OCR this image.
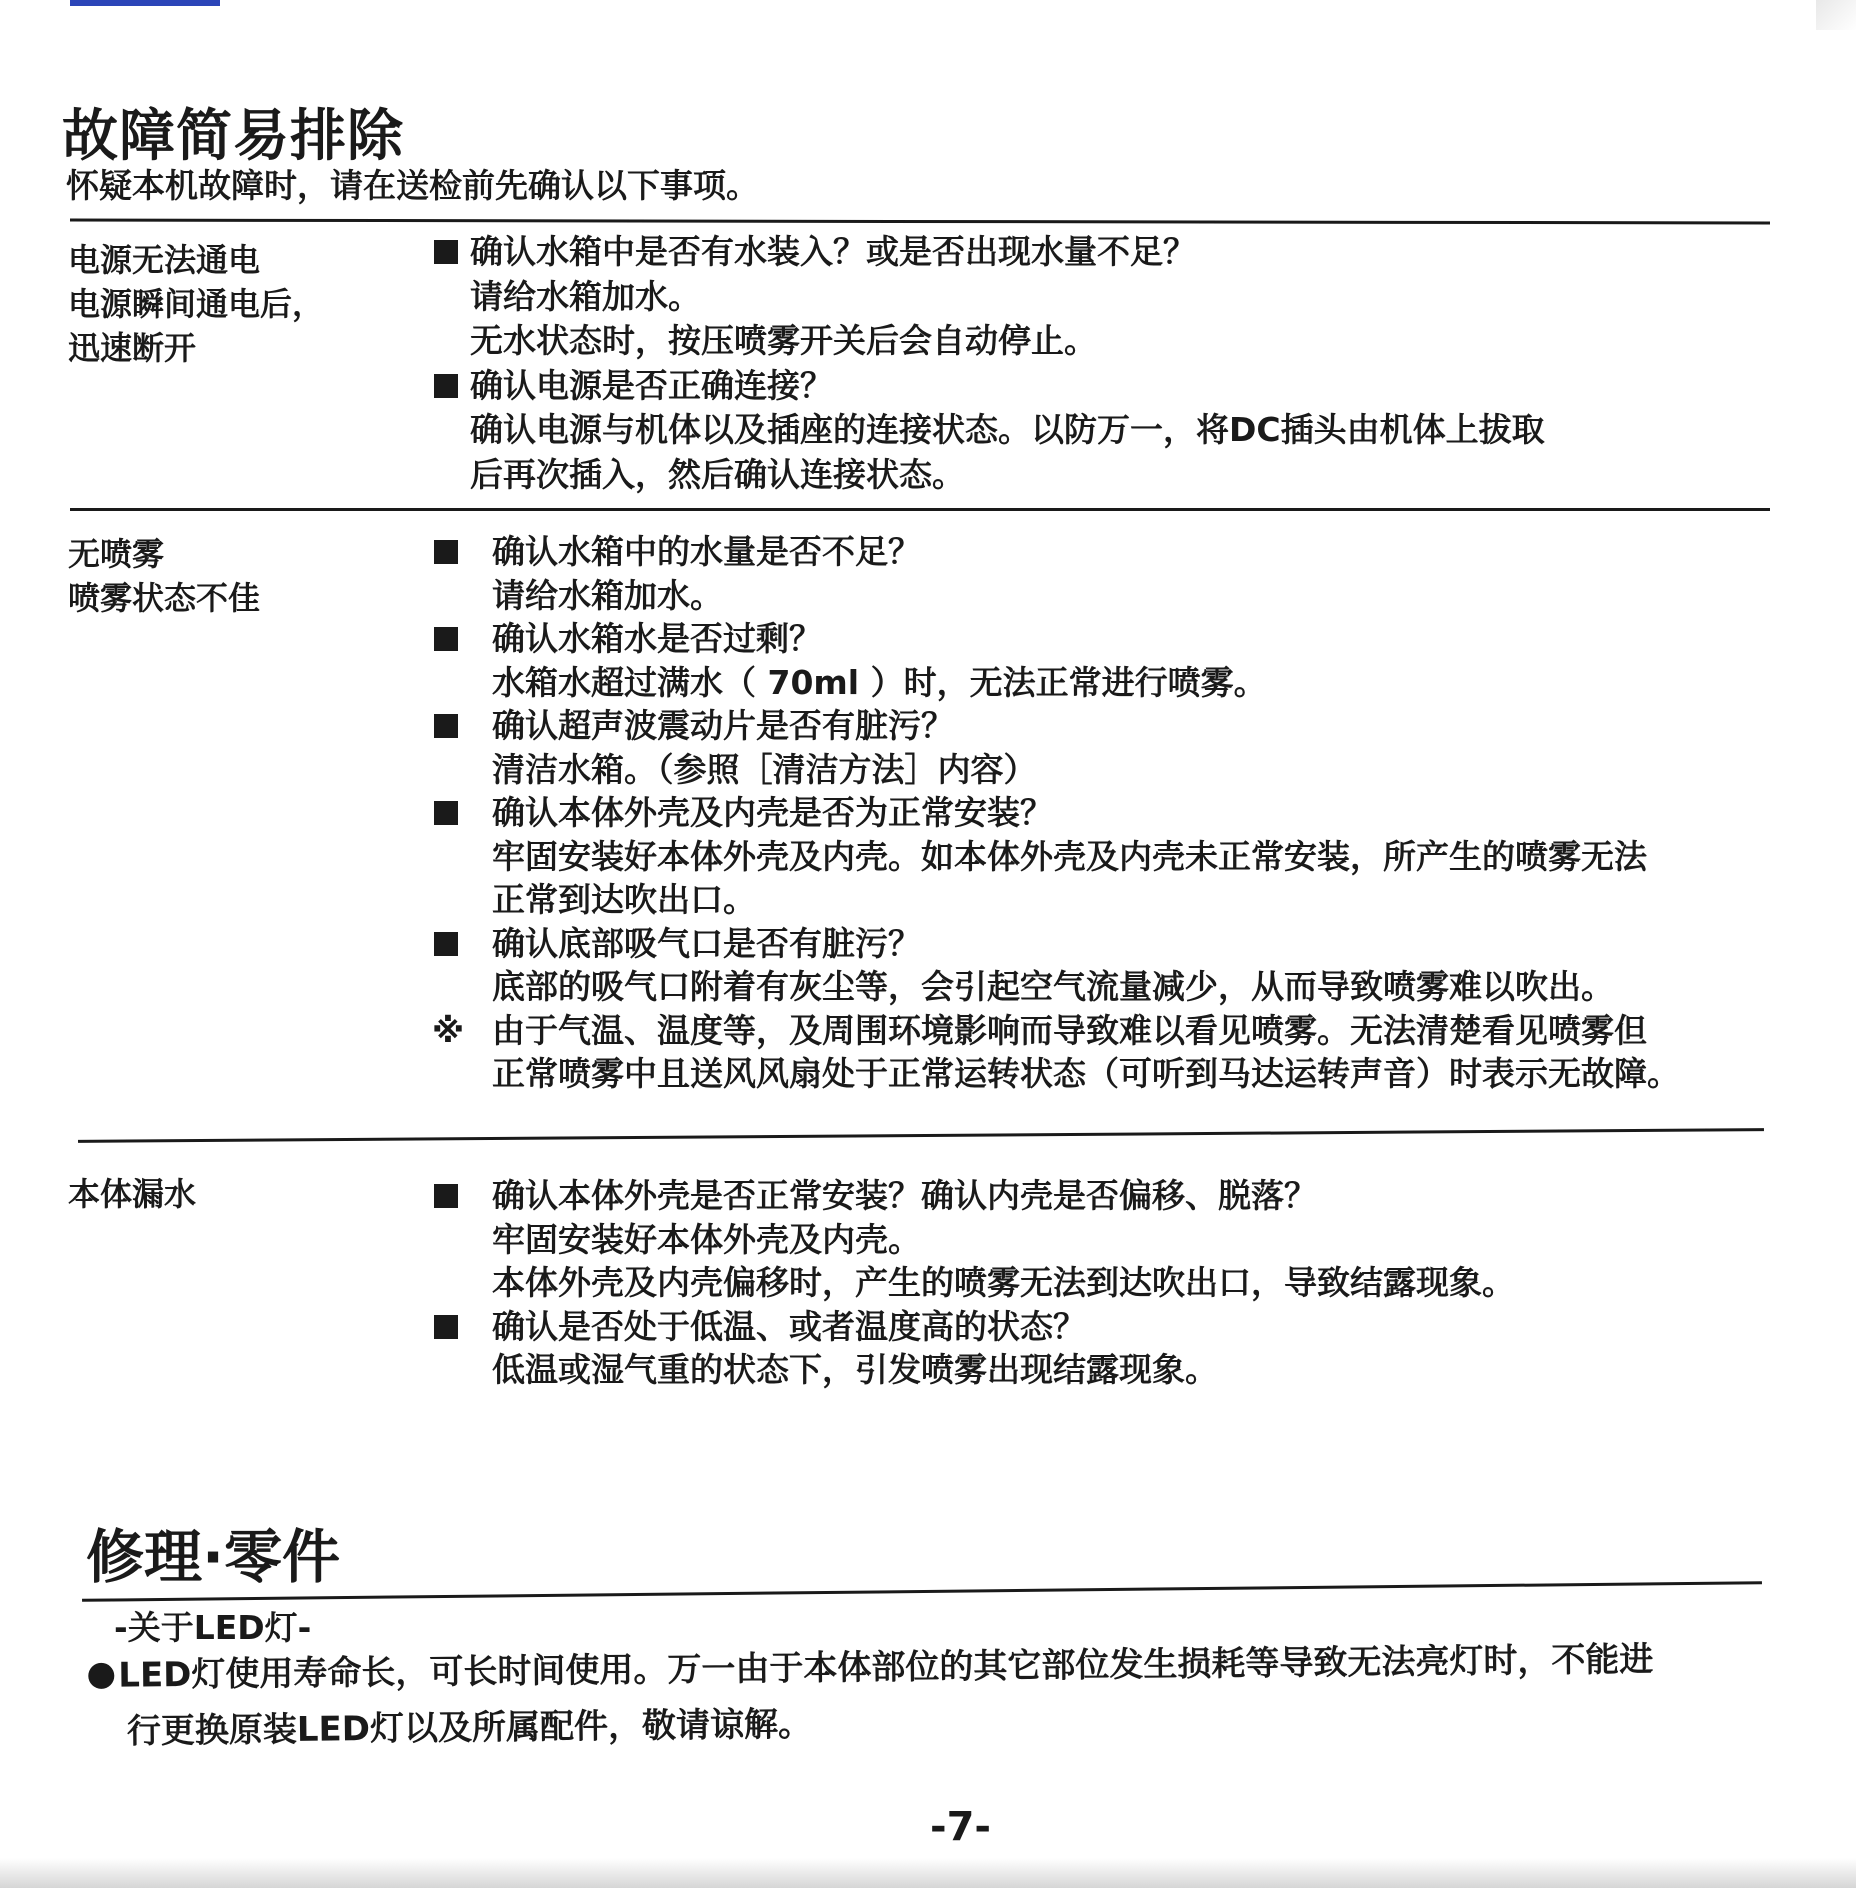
故障简易排除
怀疑本机故障时，请在送检前先确认以下事项。
电源无法通电
电源瞬间通电后，
迅速断开
确认水箱中是否有水装入？或是否出现水量不足？
请给水箱加水。
无水状态时，按压喷雾开关后会自动停止。
确认电源是否正确连接？
确认电源与机体以及插座的连接状态。以防万一，将DC插头由机体上拔取
后再次插入，然后确认连接状态。
无喷雾
喷雾状态不佳
确认水箱中的水量是否不足？
请给水箱加水。
确认水箱水是否过剩？
水箱水超过满水（ 70ml ）时，无法正常进行喷雾。
确认超声波震动片是否有脏污？
清洁水箱。（参照［清洁方法］内容）
确认本体外壳及内壳是否为正常安装？
牢固安装好本体外壳及内壳。如本体外壳及内壳未正常安装，所产生的喷雾无法
正常到达吹出口。
确认底部吸气口是否有脏污？
底部的吸气口附着有灰尘等，会引起空气流量减少，从而导致喷雾难以吹出。
※ 由于气温、温度等，及周围环境影响而导致难以看见喷雾。无法清楚看见喷雾但
正常喷雾中且送风风扇处于正常运转状态（可听到马达运转声音）时表示无故障。
本体漏水	确认本体外壳是否正常安装？确认内壳是否偏移、脱落？
牢固安装好本体外壳及内壳。
本体外壳及内壳偏移时，产生的喷雾无法到达吹出口，导致结露现象。
确认是否处于低温、或者温度高的状态？
低温或湿气重的状态下，引发喷雾出现结露现象。
修理·零件
-关于LED灯-
LED灯使用寿命长，可长时间使用。万一由于本体部位的其它部位发生损耗等导致无法亮灯时，不能进
行更换原装LED灯以及所属配件，敬请谅解。
-7-
